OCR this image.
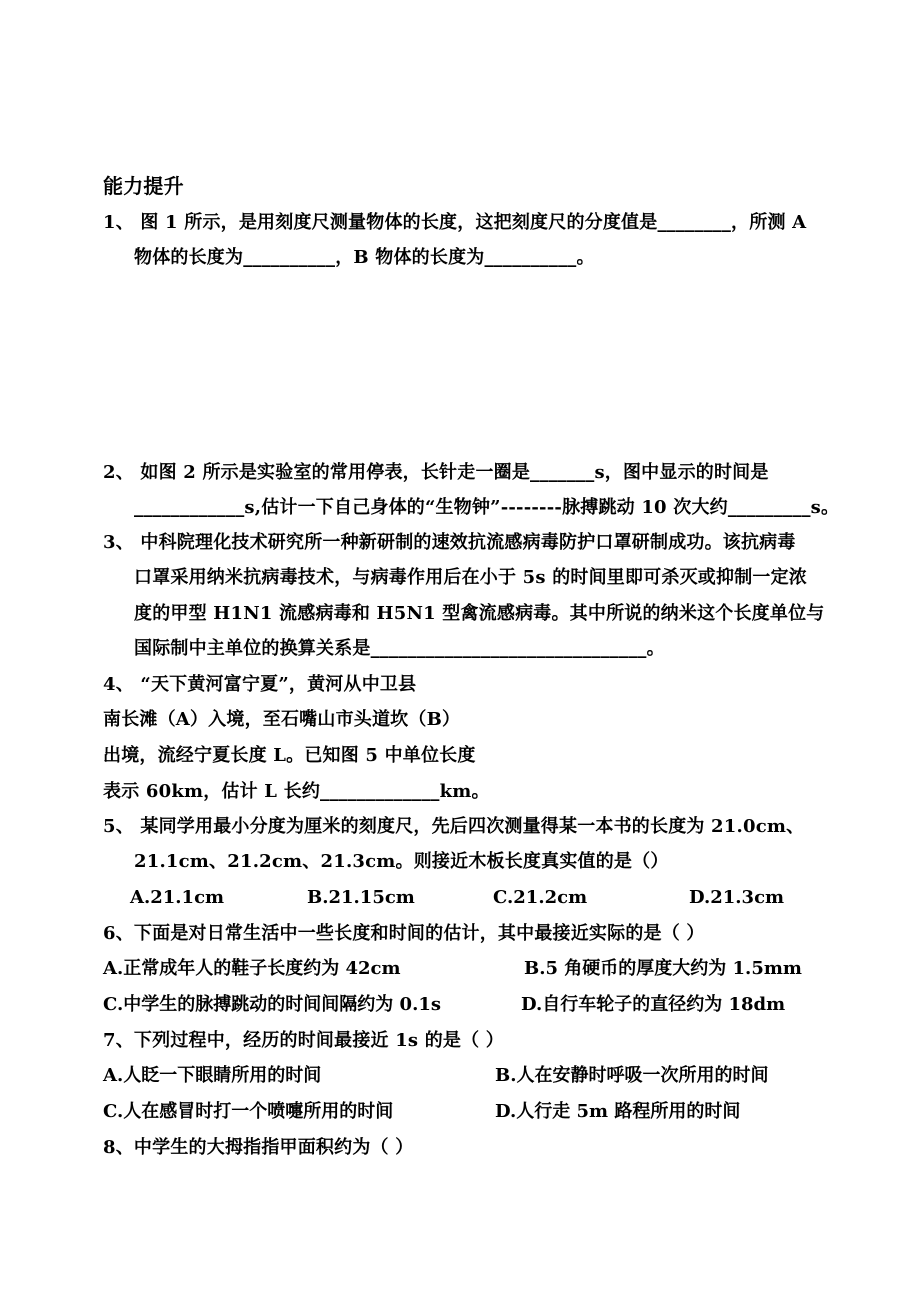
能力提升
1、 图 1 所示，是用刻度尺测量物体的长度，这把刻度尺的分度值是________，所测 A
物体的长度为__________，B 物体的长度为__________。
2、 如图 2 所示是实验室的常用停表，长针走一圈是_______s，图中显示的时间是
____________s,估计一下自己身体的“生物钟”--------脉搏跳动 10 次大约_________s。
3、 中科院理化技术研究所一种新研制的速效抗流感病毒防护口罩研制成功。该抗病毒
口罩采用纳米抗病毒技术，与病毒作用后在小于 5s 的时间里即可杀灭或抑制一定浓
度的甲型 H1N1 流感病毒和 H5N1 型禽流感病毒。其中所说的纳米这个长度单位与
国际制中主单位的换算关系是______________________________。
4、 “天下黄河富宁夏”，黄河从中卫县
南长滩（A）入境，至石嘴山市头道坎（B）
出境，流经宁夏长度 L。已知图 5 中单位长度
表示 60km，估计 L 长约_____________km。
5、 某同学用最小分度为厘米的刻度尺，先后四次测量得某一本书的长度为 21.0cm、
21.1cm、21.2cm、21.3cm。则接近木板长度真实值的是（）
A.21.1cm	B.21.15cm	C.21.2cm	D.21.3cm
6、下面是对日常生活中一些长度和时间的估计，其中最接近实际的是（ ）
A.正常成年人的鞋子长度约为 42cm	B.5 角硬币的厚度大约为 1.5mm
C.中学生的脉搏跳动的时间间隔约为 0.1s	D.自行车轮子的直径约为 18dm
7、下列过程中，经历的时间最接近 1s 的是（ ）
A.人眨一下眼睛所用的时间	B.人在安静时呼吸一次所用的时间
C.人在感冒时打一个喷嚏所用的时间	D.人行走 5m 路程所用的时间
8、中学生的大拇指指甲面积约为（ ）
